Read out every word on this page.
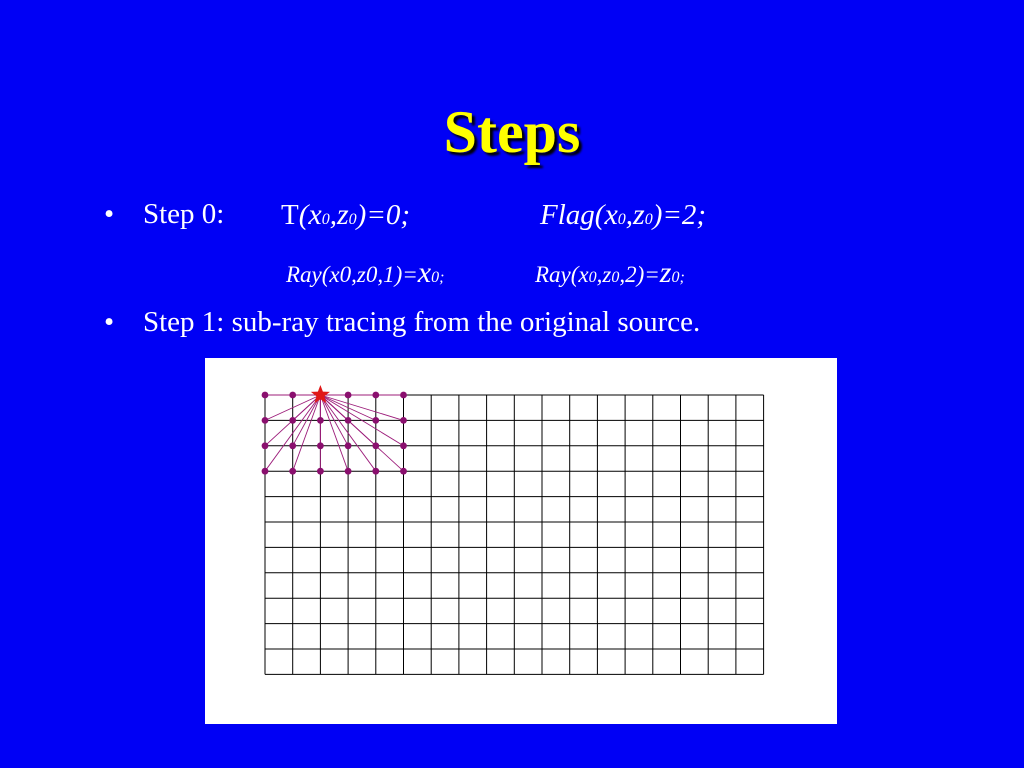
Steps
• Step 0: T(x0,z0)=0;	Flag(x0,z0)=2;
Ray(x0,z0,1)=x0;	Ray(x0,z0,2)=z0;
• Step 1: sub-ray tracing from the original source.
